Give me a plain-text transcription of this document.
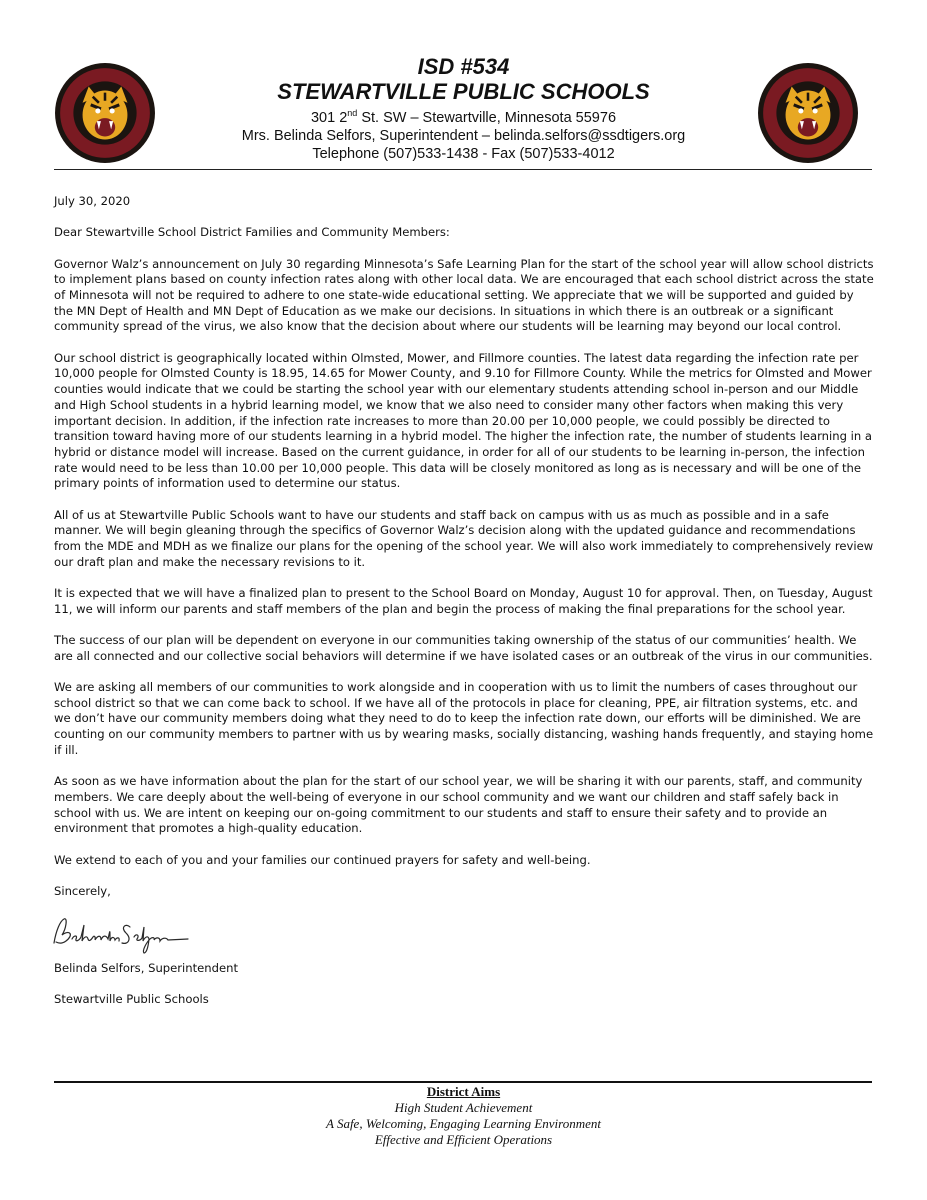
ISD #534
STEWARTVILLE PUBLIC SCHOOLS
301 2nd St. SW – Stewartville, Minnesota 55976
Mrs. Belinda Selfors, Superintendent – belinda.selfors@ssdtigers.org
Telephone (507)533-1438 - Fax (507)533-4012

July 30, 2020

Dear Stewartville School District Families and Community Members:

Governor Walz’s announcement on July 30 regarding Minnesota’s Safe Learning Plan for the start of the school year will allow school districts to implement plans based on county infection rates along with other local data. We are encouraged that each school district across the state of Minnesota will not be required to adhere to one state-wide educational setting. We appreciate that we will be supported and guided by the MN Dept of Health and MN Dept of Education as we make our decisions. In situations in which there is an outbreak or a significant community spread of the virus, we also know that the decision about where our students will be learning may beyond our local control.

Our school district is geographically located within Olmsted, Mower, and Fillmore counties. The latest data regarding the infection rate per 10,000 people for Olmsted County is 18.95, 14.65 for Mower County, and 9.10 for Fillmore County. While the metrics for Olmsted and Mower counties would indicate that we could be starting the school year with our elementary students attending school in-person and our Middle and High School students in a hybrid learning model, we know that we also need to consider many other factors when making this very important decision. In addition, if the infection rate increases to more than 20.00 per 10,000 people, we could possibly be directed to transition toward having more of our students learning in a hybrid model. The higher the infection rate, the number of students learning in a hybrid or distance model will increase. Based on the current guidance, in order for all of our students to be learning in-person, the infection rate would need to be less than 10.00 per 10,000 people. This data will be closely monitored as long as is necessary and will be one of the primary points of information used to determine our status.

All of us at Stewartville Public Schools want to have our students and staff back on campus with us as much as possible and in a safe manner. We will begin gleaning through the specifics of Governor Walz’s decision along with the updated guidance and recommendations from the MDE and MDH as we finalize our plans for the opening of the school year. We will also work immediately to comprehensively review our draft plan and make the necessary revisions to it.

It is expected that we will have a finalized plan to present to the School Board on Monday, August 10 for approval. Then, on Tuesday, August 11, we will inform our parents and staff members of the plan and begin the process of making the final preparations for the school year.

The success of our plan will be dependent on everyone in our communities taking ownership of the status of our communities’ health. We are all connected and our collective social behaviors will determine if we have isolated cases or an outbreak of the virus in our communities.

We are asking all members of our communities to work alongside and in cooperation with us to limit the numbers of cases throughout our school district so that we can come back to school. If we have all of the protocols in place for cleaning, PPE, air filtration systems, etc. and we don’t have our community members doing what they need to do to keep the infection rate down, our efforts will be diminished. We are counting on our community members to partner with us by wearing masks, socially distancing, washing hands frequently, and staying home if ill.

As soon as we have information about the plan for the start of our school year, we will be sharing it with our parents, staff, and community members. We care deeply about the well-being of everyone in our school community and we want our children and staff safely back in school with us. We are intent on keeping our on-going commitment to our students and staff to ensure their safety and to provide an environment that promotes a high-quality education.

We extend to each of you and your families our continued prayers for safety and well-being.

Sincerely,

Belinda Selfors, Superintendent

Stewartville Public Schools

District Aims
High Student Achievement
A Safe, Welcoming, Engaging Learning Environment
Effective and Efficient Operations
